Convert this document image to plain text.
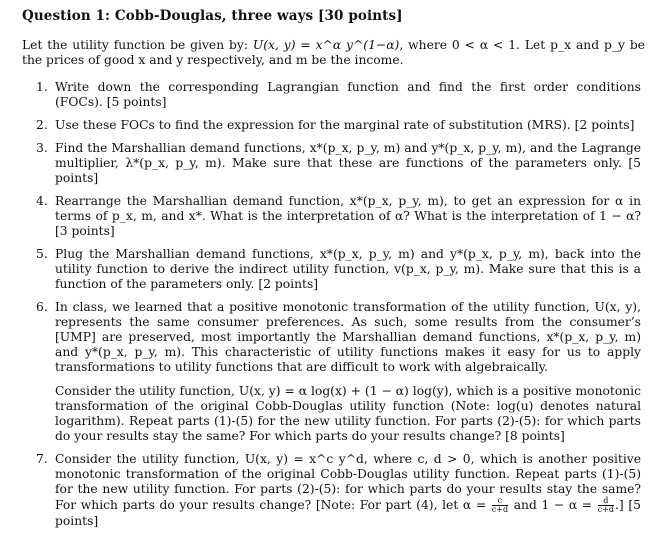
Question 1: Cobb-Douglas, three ways [30 points]
Let the utility function be given by: U(x, y) = x^α y^(1−α), where 0 < α < 1. Let p_x and p_y be the prices of good x and y respectively, and m be the income.
1. Write down the corresponding Lagrangian function and find the first order conditions (FOCs). [5 points]

2. Use these FOCs to find the expression for the marginal rate of substitution (MRS). [2 points]

3. Find the Marshallian demand functions, x*(p_x, p_y, m) and y*(p_x, p_y, m), and the Lagrange multiplier, λ*(p_x, p_y, m). Make sure that these are functions of the parameters only. [5 points]

4. Rearrange the Marshallian demand function, x*(p_x, p_y, m), to get an expression for α in terms of p_x, m, and x*. What is the interpretation of α? What is the interpretation of 1 − α? [3 points]

5. Plug the Marshallian demand functions, x*(p_x, p_y, m) and y*(p_x, p_y, m), back into the utility function to derive the indirect utility function, v(p_x, p_y, m). Make sure that this is a function of the parameters only. [2 points]

6. In class, we learned that a positive monotonic transformation of the utility function, U(x, y), represents the same consumer preferences. As such, some results from the consumer’s [UMP] are preserved, most importantly the Marshallian demand functions, x*(p_x, p_y, m) and y*(p_x, p_y, m). This characteristic of utility functions makes it easy for us to apply transformations to utility functions that are difficult to work with algebraically.

Consider the utility function, U(x, y) = α log(x) + (1 − α) log(y), which is a positive monotonic transformation of the original Cobb-Douglas utility function (Note: log(u) denotes natural logarithm). Repeat parts (1)-(5) for the new utility function. For parts (2)-(5): for which parts do your results stay the same? For which parts do your results change? [8 points]

7. Consider the utility function, U(x, y) = x^c y^d, where c, d > 0, which is another positive monotonic transformation of the original Cobb-Douglas utility function. Repeat parts (1)-(5) for the new utility function. For parts (2)-(5): for which parts do your results stay the same? For which parts do your results change? [Note: For part (4), let $\alpha = \frac{c}{c+d}$ and $1 - \alpha = \frac{d}{c+d}$ .] [5 points]
